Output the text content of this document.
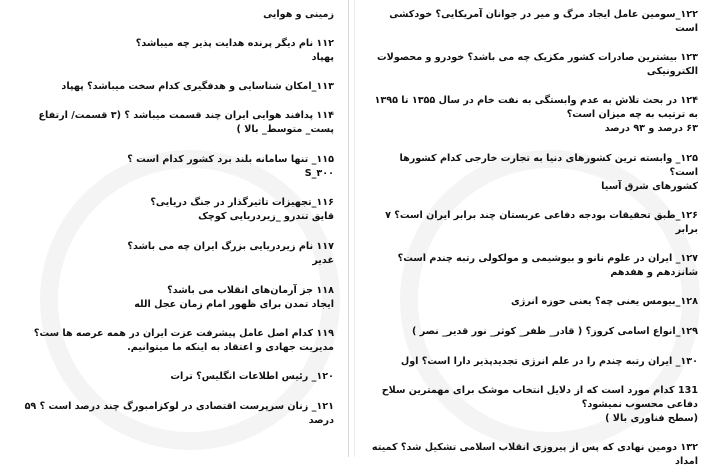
۱۲۲_سومین عامل ایجاد مرگ و میر در جوانان آمریکایی؟ خودکشی است
۱۲۳ بیشترین صادرات کشور مکزیک چه می باشد؟ خودرو و محصولات الکترونیکی
۱۲۴ در بحث تلاش به عدم وابستگی به نفت خام در سال ۱۳۵۵ تا ۱۳۹۵ به ترتیب به چه میزان است؟
۶۳ درصد و ۹۳ درصد
۱۲۵_ وابسته ترین کشورهای دنیا به تجارت خارجی کدام کشورها است؟
کشورهای شرق آسیا
۱۲۶_طبق تحقیقات بودجه دفاعی عربستان چند برابر ایران است؟ ۷ برابر
۱۲۷_ ایران در علوم نانو و بیوشیمی و مولکولی رتبه چندم است؟
شانزدهم و هفدهم
۱۲۸_بیومس یعنی چه؟ یعنی حوزه انرژی
۱۲۹_انواع اسامی کروز؟ ( قادر_ ظفر_ کوثر_ نور قدیر_ نصر )
۱۳۰_ ایران رتبه چندم را در علم انرژی تجدیدپذیر دارا است؟ اول
131 کدام مورد است که از دلایل انتخاب موشک برای مهمترین سلاح دفاعی محسوب نمیشود؟
(سطح فناوری بالا )
۱۳۲ دومین نهادی که پس از پیروزی انقلاب اسلامی تشکیل شد؟ کمیته امداد
زمینی و هوایی
۱۱۲ نام دیگر پرنده هدایت پذیر چه میباشد؟
پهپاد
۱۱۳_امکان شناسایی و هدفگیری کدام سخت میباشد؟ پهپاد
۱۱۴ پدافند هوایی ایران چند قسمت میباشد ؟ (۳ قسمت/ ارتفاع پست_ متوسط_ بالا )
۱۱۵_ تنها سامانه بلند برد کشور کدام است ؟
S_۳۰۰
۱۱۶_تجهیزات تاثیرگذار در جنگ دریایی؟
قایق تندرو _زیردریایی کوچک
۱۱۷ نام زیردریایی بزرگ ایران چه می باشد؟
غدیر
۱۱۸ جز آرمان‌های انقلاب می باشد؟
ایجاد تمدن برای ظهور امام زمان عجل الله
۱۱۹ کدام اصل عامل پیشرفت عزت ایران در همه عرصه ها ست؟
مدیریت جهادی و اعتقاد به اینکه ما میتوانیم.
۱۲۰_ رئیس اطلاعات انگلیس؟ ترات
۱۲۱_ زنان سرپرست اقتصادی در لوکزامبورگ چند درصد است ؟ ۵۹ درصد
